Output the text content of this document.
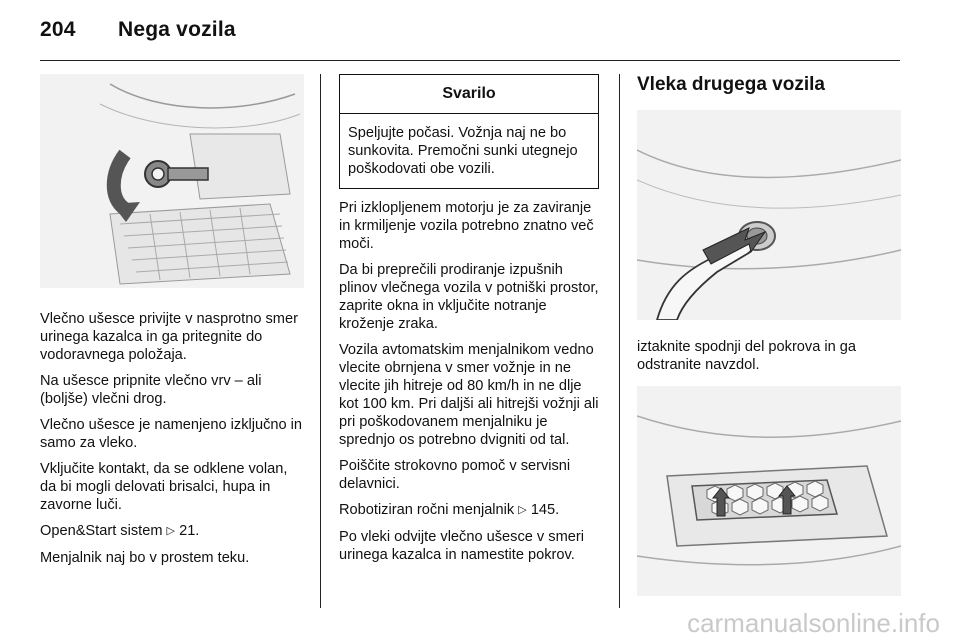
204	Nega vozila

Vlečno ušesce privijte v nasprotno smer urinega kazalca in ga pritegnite do vodoravnega položaja.

Na ušesce pripnite vlečno vrv – ali (boljše) vlečni drog.

Vlečno ušesce je namenjeno izključno in samo za vleko.

Vključite kontakt, da se odklene volan, da bi mogli delovati brisalci, hupa in zavorne luči.

Open&Start sistem ▷ 21.

Menjalnik naj bo v prostem teku.

Svarilo
Speljujte počasi. Vožnja naj ne bo sunkovita. Premočni sunki utegnejo poškodovati obe vozili.

Pri izklopljenem motorju je za zaviranje in krmiljenje vozila potrebno znatno več moči.

Da bi preprečili prodiranje izpušnih plinov vlečnega vozila v potniški prostor, zaprite okna in vključite notranje kroženje zraka.

Vozila avtomatskim menjalnikom vedno vlecite obrnjena v smer vožnje in ne vlecite jih hitreje od 80 km/h in ne dlje kot 100 km. Pri daljši ali hitrejši vožnji ali pri poškodovanem menjalniku je sprednjo os potrebno dvigniti od tal.

Poiščite strokovno pomoč v servisni delavnici.

Robotiziran ročni menjalnik ▷ 145.

Po vleki odvijte vlečno ušesce v smeri urinega kazalca in namestite pokrov.

Vleka drugega vozila

iztaknite spodnji del pokrova in ga odstranite navzdol.

carmanualsonline.info
